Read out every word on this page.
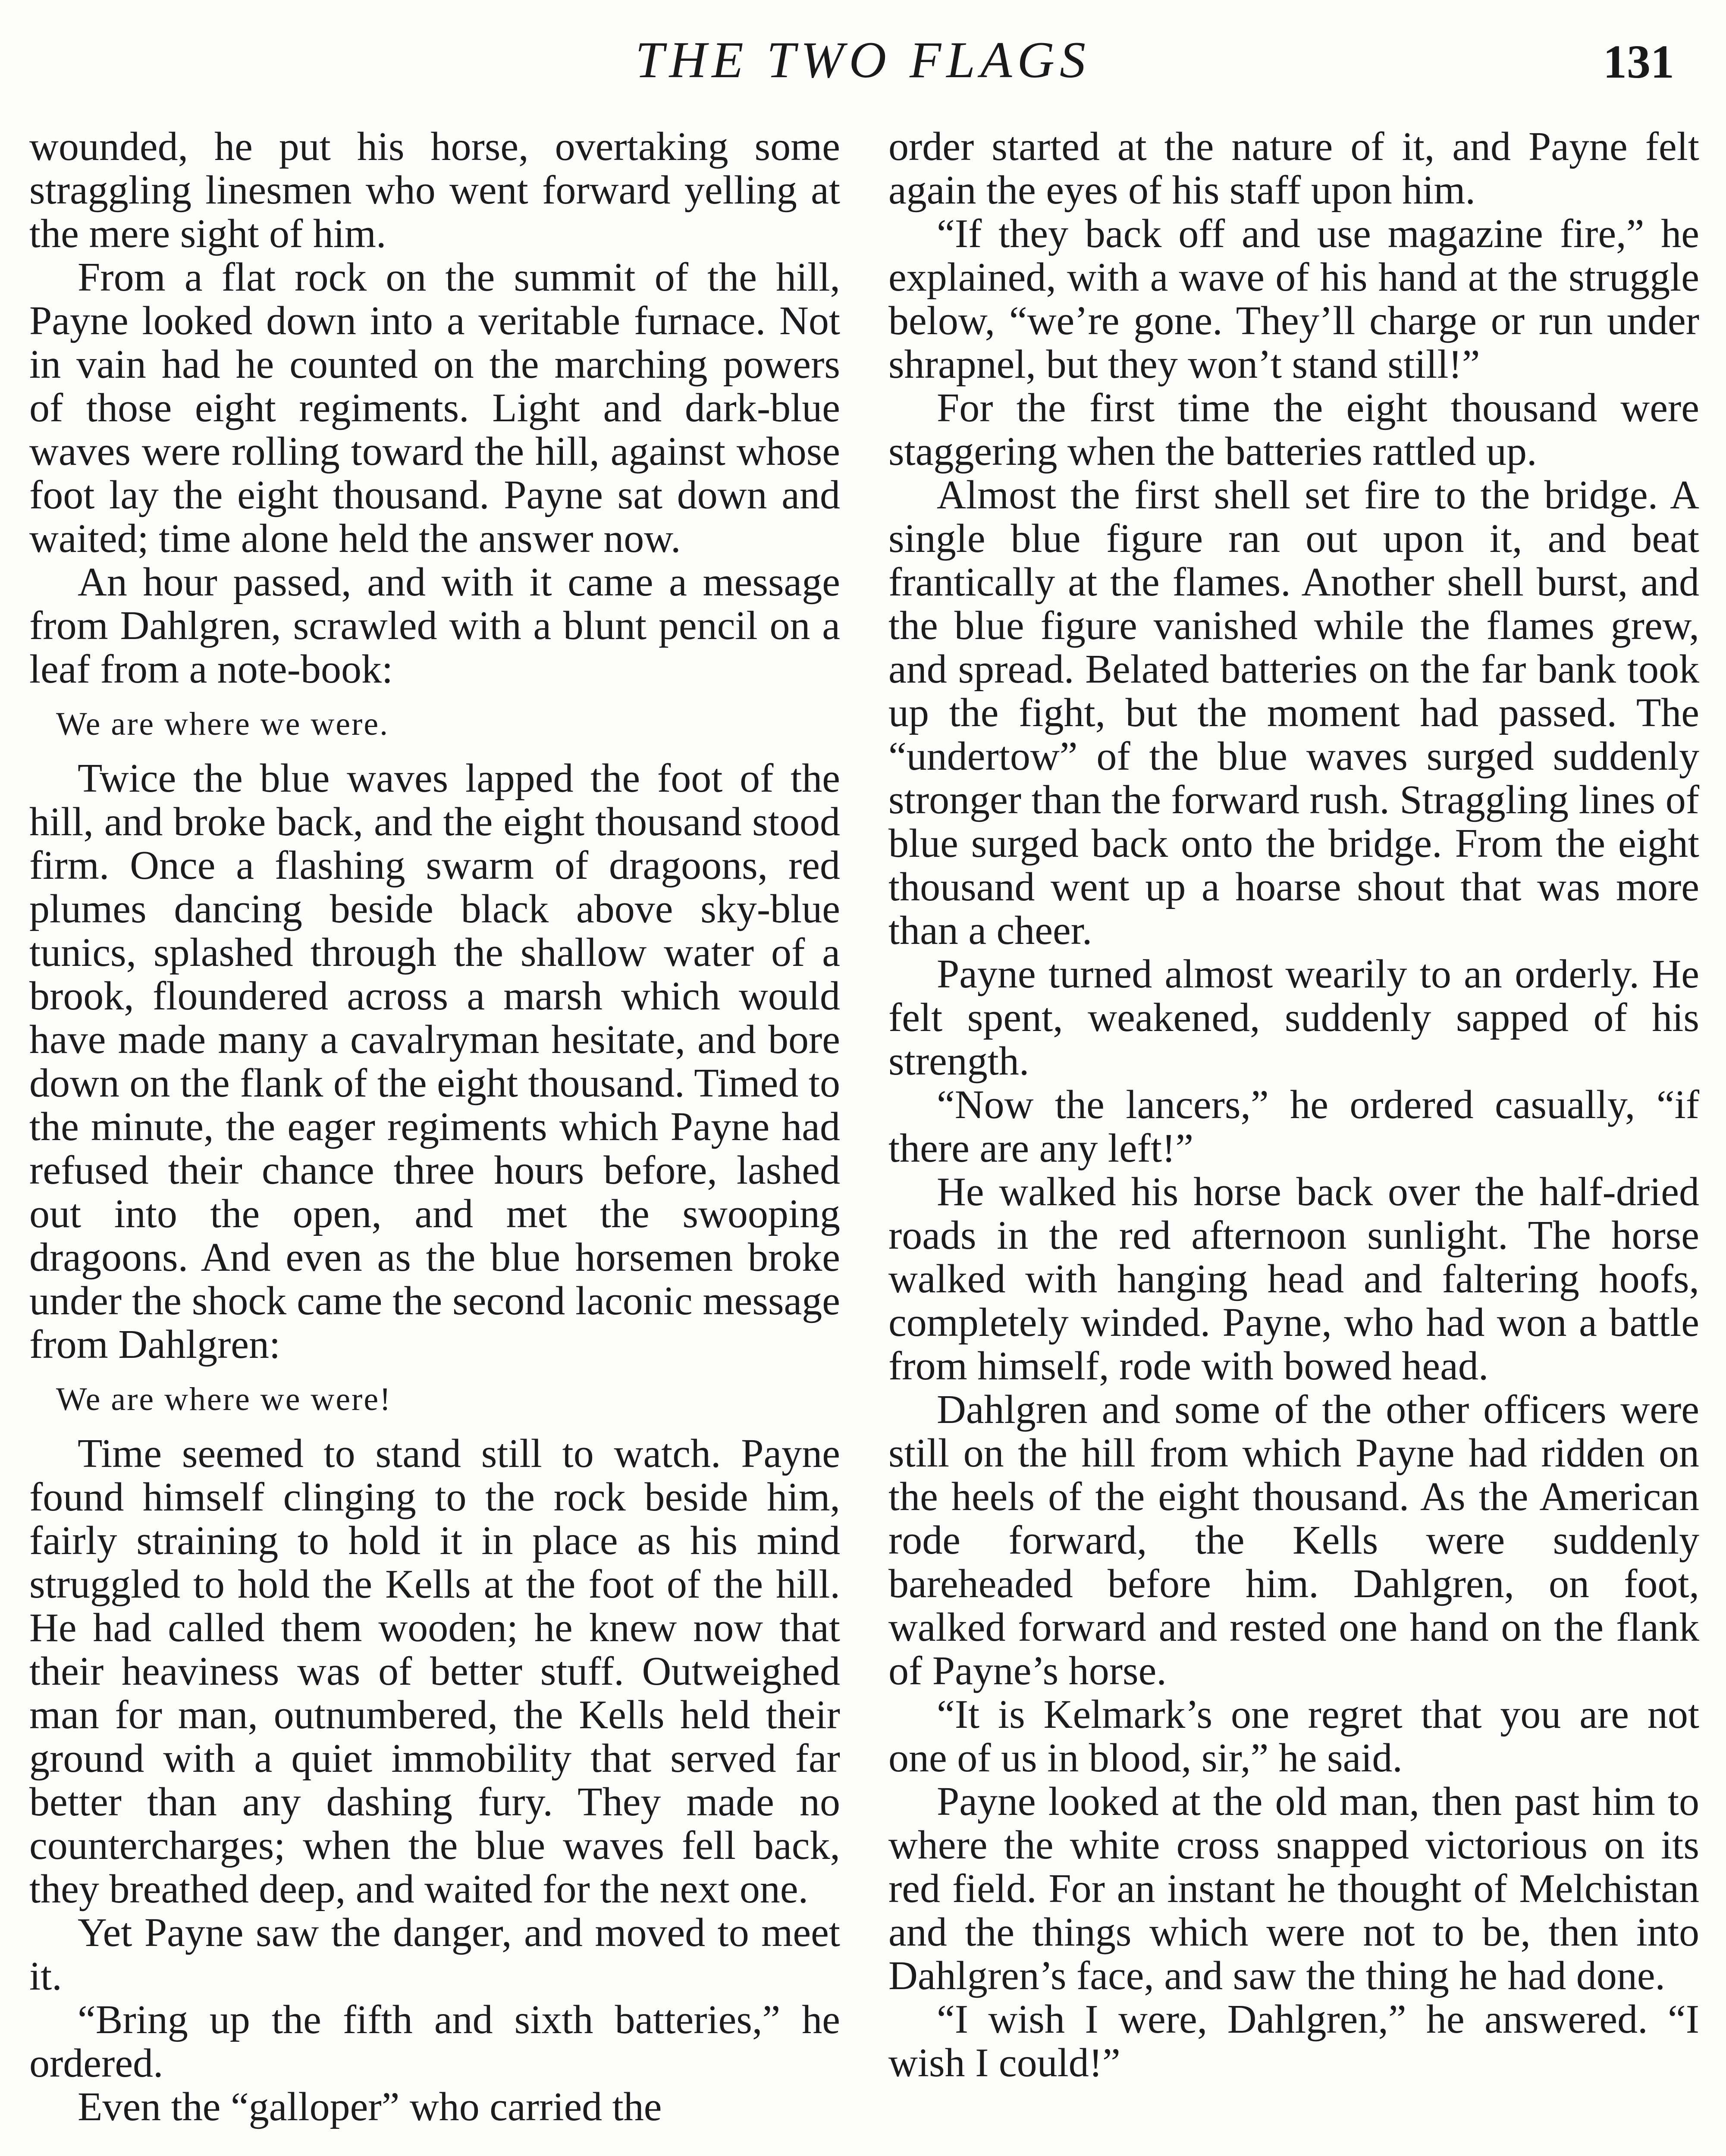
THE TWO FLAGS	131

wounded, he put his horse, overtaking some straggling linesmen who went forward yelling at the mere sight of him.

From a flat rock on the summit of the hill, Payne looked down into a veritable furnace. Not in vain had he counted on the marching powers of those eight regiments. Light and dark-blue waves were rolling toward the hill, against whose foot lay the eight thousand. Payne sat down and waited; time alone held the answer now.

An hour passed, and with it came a message from Dahlgren, scrawled with a blunt pencil on a leaf from a note-book:

We are where we were.

Twice the blue waves lapped the foot of the hill, and broke back, and the eight thousand stood firm. Once a flashing swarm of dragoons, red plumes dancing beside black above sky-blue tunics, splashed through the shallow water of a brook, floundered across a marsh which would have made many a cavalryman hesitate, and bore down on the flank of the eight thousand. Timed to the minute, the eager regiments which Payne had refused their chance three hours before, lashed out into the open, and met the swooping dragoons. And even as the blue horsemen broke under the shock came the second laconic message from Dahlgren:

We are where we were!

Time seemed to stand still to watch. Payne found himself clinging to the rock beside him, fairly straining to hold it in place as his mind struggled to hold the Kells at the foot of the hill. He had called them wooden; he knew now that their heaviness was of better stuff. Outweighed man for man, outnumbered, the Kells held their ground with a quiet immobility that served far better than any dashing fury. They made no countercharges; when the blue waves fell back, they breathed deep, and waited for the next one.

Yet Payne saw the danger, and moved to meet it.

“Bring up the fifth and sixth batteries,” he ordered.

Even the “galloper” who carried the

order started at the nature of it, and Payne felt again the eyes of his staff upon him.

“If they back off and use magazine fire,” he explained, with a wave of his hand at the struggle below, “we’re gone. They’ll charge or run under shrapnel, but they won’t stand still!”

For the first time the eight thousand were staggering when the batteries rattled up.

Almost the first shell set fire to the bridge. A single blue figure ran out upon it, and beat frantically at the flames. Another shell burst, and the blue figure vanished while the flames grew, and spread. Belated batteries on the far bank took up the fight, but the moment had passed. The “undertow” of the blue waves surged suddenly stronger than the forward rush. Straggling lines of blue surged back onto the bridge. From the eight thousand went up a hoarse shout that was more than a cheer.

Payne turned almost wearily to an orderly. He felt spent, weakened, suddenly sapped of his strength.

“Now the lancers,” he ordered casually, “if there are any left!”

He walked his horse back over the half-dried roads in the red afternoon sunlight. The horse walked with hanging head and faltering hoofs, completely winded. Payne, who had won a battle from himself, rode with bowed head.

Dahlgren and some of the other officers were still on the hill from which Payne had ridden on the heels of the eight thousand. As the American rode forward, the Kells were suddenly bareheaded before him. Dahlgren, on foot, walked forward and rested one hand on the flank of Payne’s horse.

“It is Kelmark’s one regret that you are not one of us in blood, sir,” he said.

Payne looked at the old man, then past him to where the white cross snapped victorious on its red field. For an instant he thought of Melchistan and the things which were not to be, then into Dahlgren’s face, and saw the thing he had done.

“I wish I were, Dahlgren,” he answered. “I wish I could!”
